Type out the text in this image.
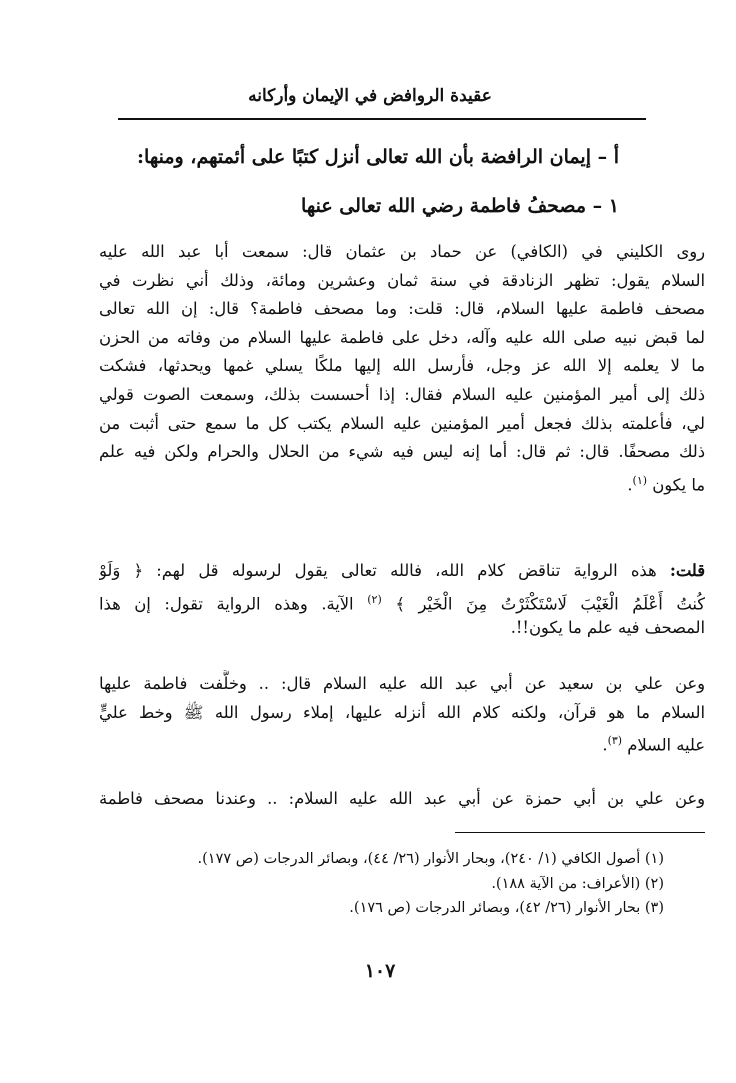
عقيدة الروافض في الإيمان وأركانه
أ – إيمان الرافضة بأن الله تعالى أنزل كتبًا على أئمتهم، ومنها:
١ – مصحفُ فاطمة رضي الله تعالى عنها
روى الكليني في (الكافي) عن حماد بن عثمان قال: سمعت أبا عبد الله عليه
السلام يقول: تظهر الزنادقة في سنة ثمان وعشرين ومائة، وذلك أني نظرت في
مصحف فاطمة عليها السلام، قال: قلت: وما مصحف فاطمة؟ قال: إن الله تعالى
لما قبض نبيه صلى الله عليه وآله، دخل على فاطمة عليها السلام من وفاته من الحزن
ما لا يعلمه إلا الله عز وجل، فأرسل الله إليها ملكًا يسلي غمها ويحدثها، فشكت
ذلك إلى أمير المؤمنين عليه السلام فقال: إذا أحسست بذلك، وسمعت الصوت قولي
لي، فأعلمته بذلك فجعل أمير المؤمنين عليه السلام يكتب كل ما سمع حتى أثبت من
ذلك مصحفًا. قال: ثم قال: أما إنه ليس فيه شيء من الحلال والحرام ولكن فيه علم
ما يكون $^{(١)}$.
قلت: هذه الرواية تناقض كلام الله، فالله تعالى يقول لرسوله قل لهم: ﴿ وَلَوْ
كُنتُ أَعْلَمُ الْغَيْبَ لَاسْتَكْثَرْتُ مِنَ الْخَيْرِ ﴾ $^{(٢)}$ الآية. وهذه الرواية تقول: إن هذا
المصحف فيه علم ما يكون!!.
وعن علي بن سعيد عن أبي عبد الله عليه السلام قال: .. وخلَّفت فاطمة عليها
السلام ما هو قرآن، ولكنه كلام الله أنزله عليها، إملاء رسول الله ﷺ وخط عليٍّ
عليه السلام $^{(٣)}$.
وعن علي بن أبي حمزة عن أبي عبد الله عليه السلام: .. وعندنا مصحف فاطمة
(١) أصول الكافي (١/ ٢٤٠)، وبحار الأنوار (٢٦/ ٤٤)، وبصائر الدرجات (ص ١٧٧).
(٢) (الأعراف: من الآية ١٨٨).
(٣) بحار الأنوار (٢٦/ ٤٢)، وبصائر الدرجات (ص ١٧٦).
١٠٧
